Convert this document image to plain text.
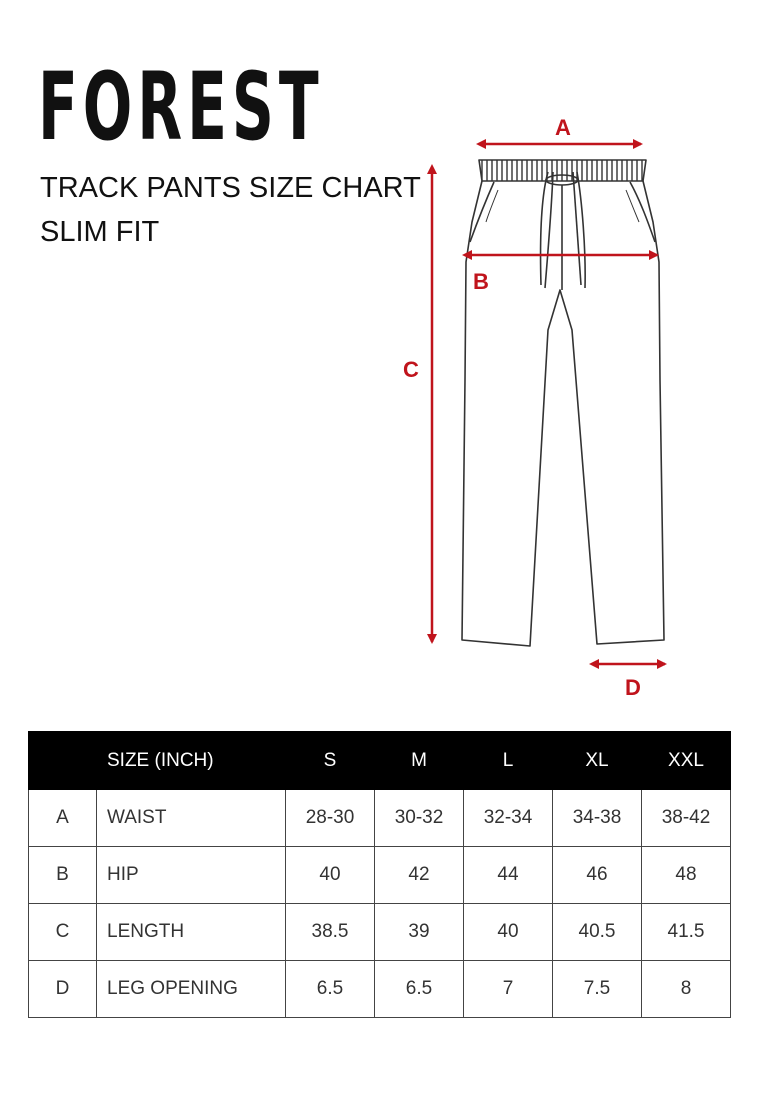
FOREST
TRACK PANTS SIZE CHART
SLIM FIT
A
B
C
D
	SIZE (INCH)	S	M	L	XL	XXL
A	WAIST	28-30	30-32	32-34	34-38	38-42
B	HIP	40	42	44	46	48
C	LENGTH	38.5	39	40	40.5	41.5
D	LEG OPENING	6.5	6.5	7	7.5	8
